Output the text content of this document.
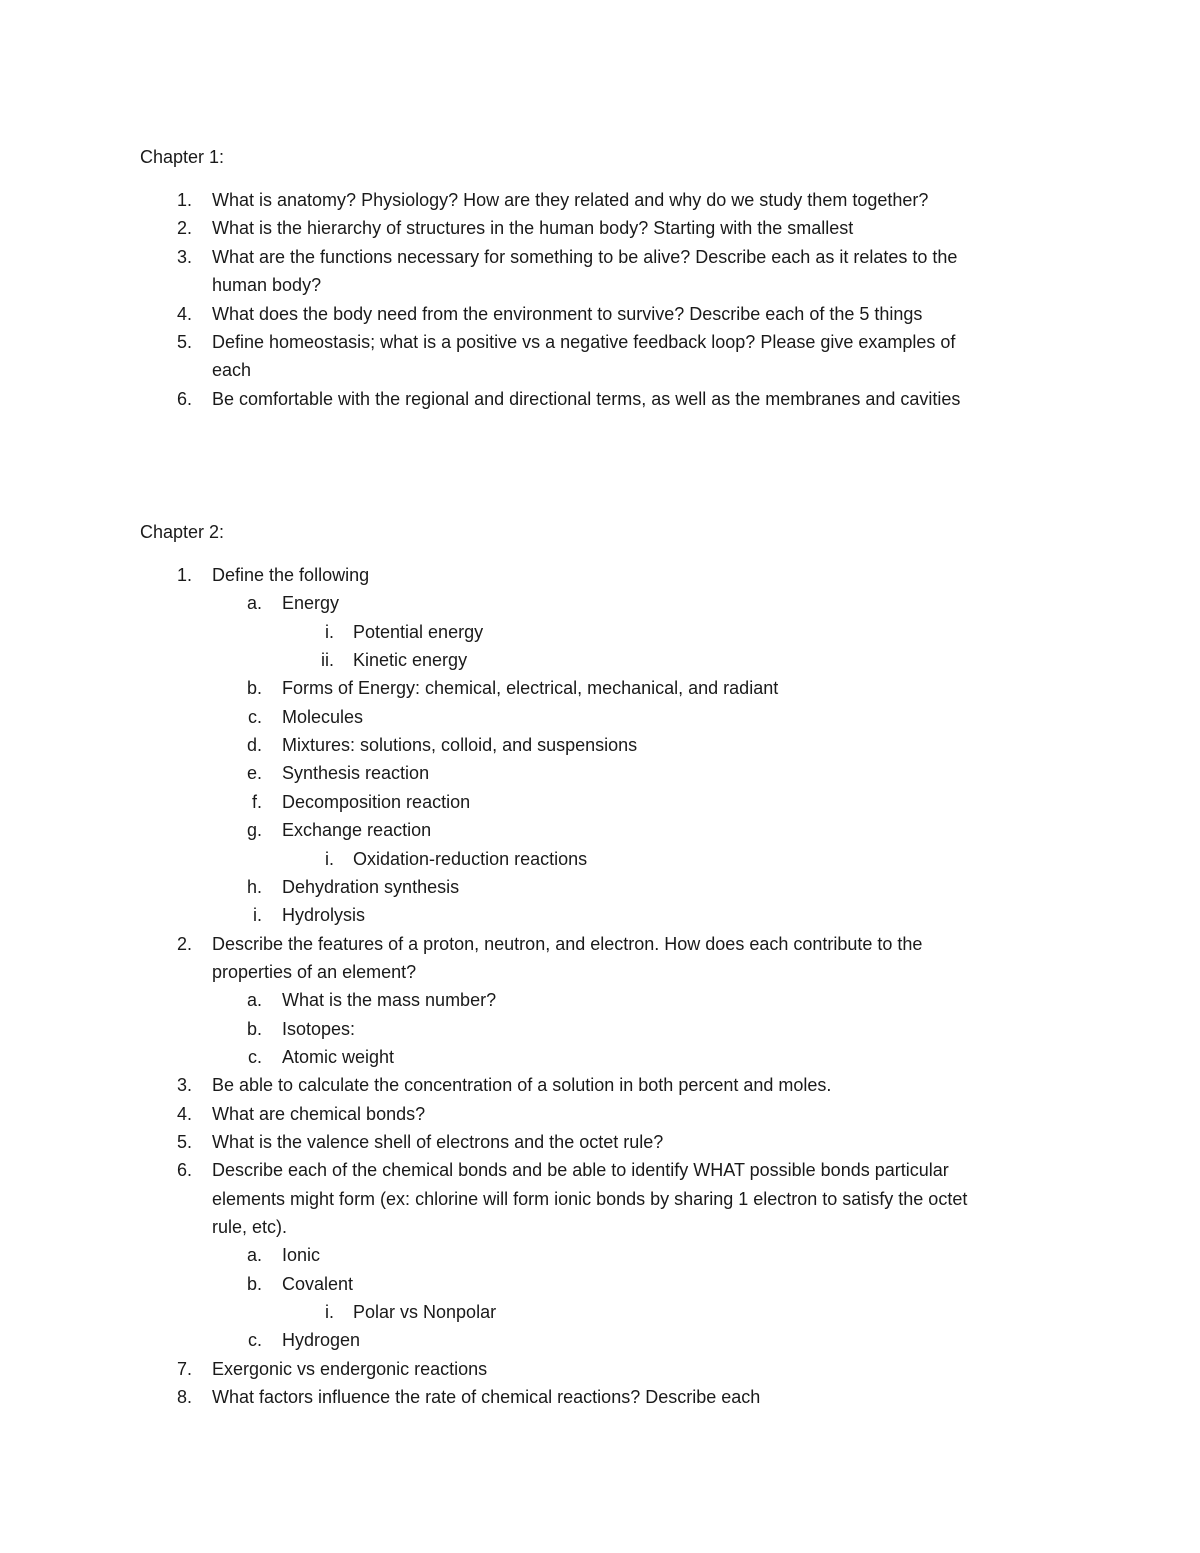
Chapter 1:
1. What is anatomy? Physiology? How are they related and why do we study them together?
2. What is the hierarchy of structures in the human body? Starting with the smallest
3. What are the functions necessary for something to be alive? Describe each as it relates to the
human body?
4. What does the body need from the environment to survive? Describe each of the 5 things
5. Define homeostasis; what is a positive vs a negative feedback loop? Please give examples of
each
6. Be comfortable with the regional and directional terms, as well as the membranes and cavities
Chapter 2:
1. Define the following
a. Energy
i. Potential energy
ii. Kinetic energy
b. Forms of Energy: chemical, electrical, mechanical, and radiant
c. Molecules
d. Mixtures: solutions, colloid, and suspensions
e. Synthesis reaction
f. Decomposition reaction
g. Exchange reaction
i. Oxidation-reduction reactions
h. Dehydration synthesis
i. Hydrolysis
2. Describe the features of a proton, neutron, and electron. How does each contribute to the
properties of an element?
a. What is the mass number?
b. Isotopes:
c. Atomic weight
3. Be able to calculate the concentration of a solution in both percent and moles.
4. What are chemical bonds?
5. What is the valence shell of electrons and the octet rule?
6. Describe each of the chemical bonds and be able to identify WHAT possible bonds particular
elements might form (ex: chlorine will form ionic bonds by sharing 1 electron to satisfy the octet
rule, etc).
a. Ionic
b. Covalent
i. Polar vs Nonpolar
c. Hydrogen
7. Exergonic vs endergonic reactions
8. What factors influence the rate of chemical reactions? Describe each
